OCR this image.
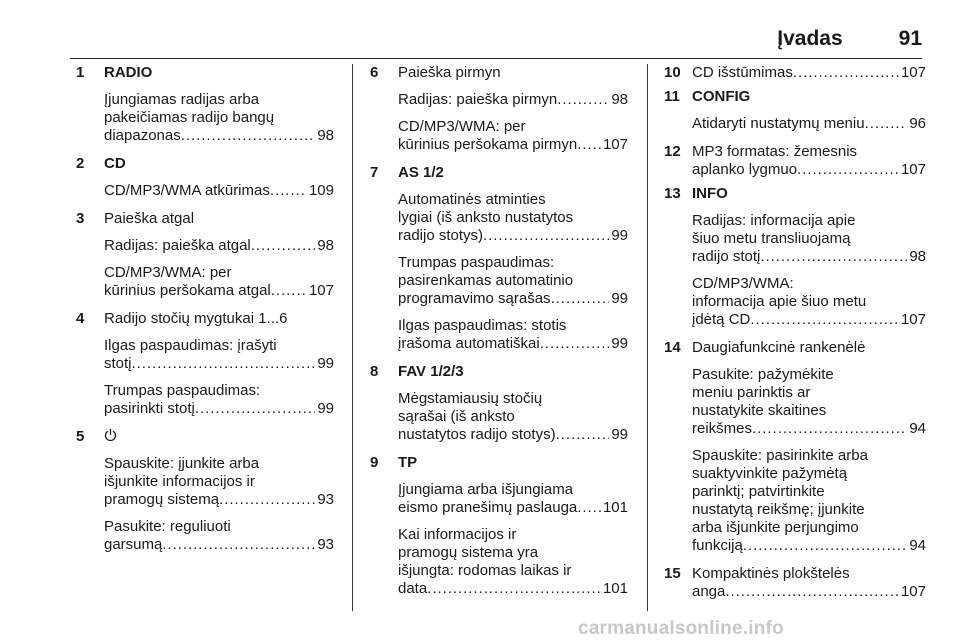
Įvadas	91
1	RADIO
Įjungiamas radijas arba
pakeičiamas radijo bangų
diapazonas . . .	98
2	CD
CD/MP3/WMA atkūrimas . . .	109
3	Paieška atgal
Radijas: paieška atgal . . .	98
CD/MP3/WMA: per
kūrinius peršokama atgal . . .	107
4	Radijo stočių mygtukai 1...6
Ilgas paspaudimas: įrašyti
stotį . . .	99
Trumpas paspaudimas:
pasirinkti stotį . . .	99
5
Spauskite: įjunkite arba
išjunkite informacijos ir
pramogų sistemą . . .	93
Pasukite: reguliuoti
garsumą . . .	93
6	Paieška pirmyn
Radijas: paieška pirmyn . . .	98
CD/MP3/WMA: per
kūrinius peršokama pirmyn . . . 107
7	AS 1/2
Automatinės atminties
lygiai (iš anksto nustatytos
radijo stotys) . . .	99
Trumpas paspaudimas:
pasirenkamas automatinio
programavimo sąrašas . . .	99
Ilgas paspaudimas: stotis
įrašoma automatiškai . . .	99
8	FAV 1/2/3
Mėgstamiausių stočių
sąrašai (iš anksto
nustatytos radijo stotys) . . .	99
9	TP
Įjungiama arba išjungiama
eismo pranešimų paslauga . . . 101
Kai informacijos ir
pramogų sistema yra
išjungta: rodomas laikas ir
data . . .	101
10 CD išstūmimas . . .	107
11 CONFIG
Atidaryti nustatymų meniu . . .	96
12 MP3 formatas: žemesnis
aplanko lygmuo . . .	107
13 INFO
Radijas: informacija apie
šiuo metu transliuojamą
radijo stotį . . .	98
CD/MP3/WMA:
informacija apie šiuo metu
įdėtą CD . . .	107
14 Daugiafunkcinė rankenėlė
Pasukite: pažymėkite
meniu parinktis ar
nustatykite skaitines
reikšmes . . .	94
Spauskite: pasirinkite arba
suaktyvinkite pažymėtą
parinktį; patvirtinkite
nustatytą reikšmę; įjunkite
arba išjunkite perjungimo
funkciją . . .	94
15 Kompaktinės plokštelės
anga . . .	107
carmanualsonline.info
